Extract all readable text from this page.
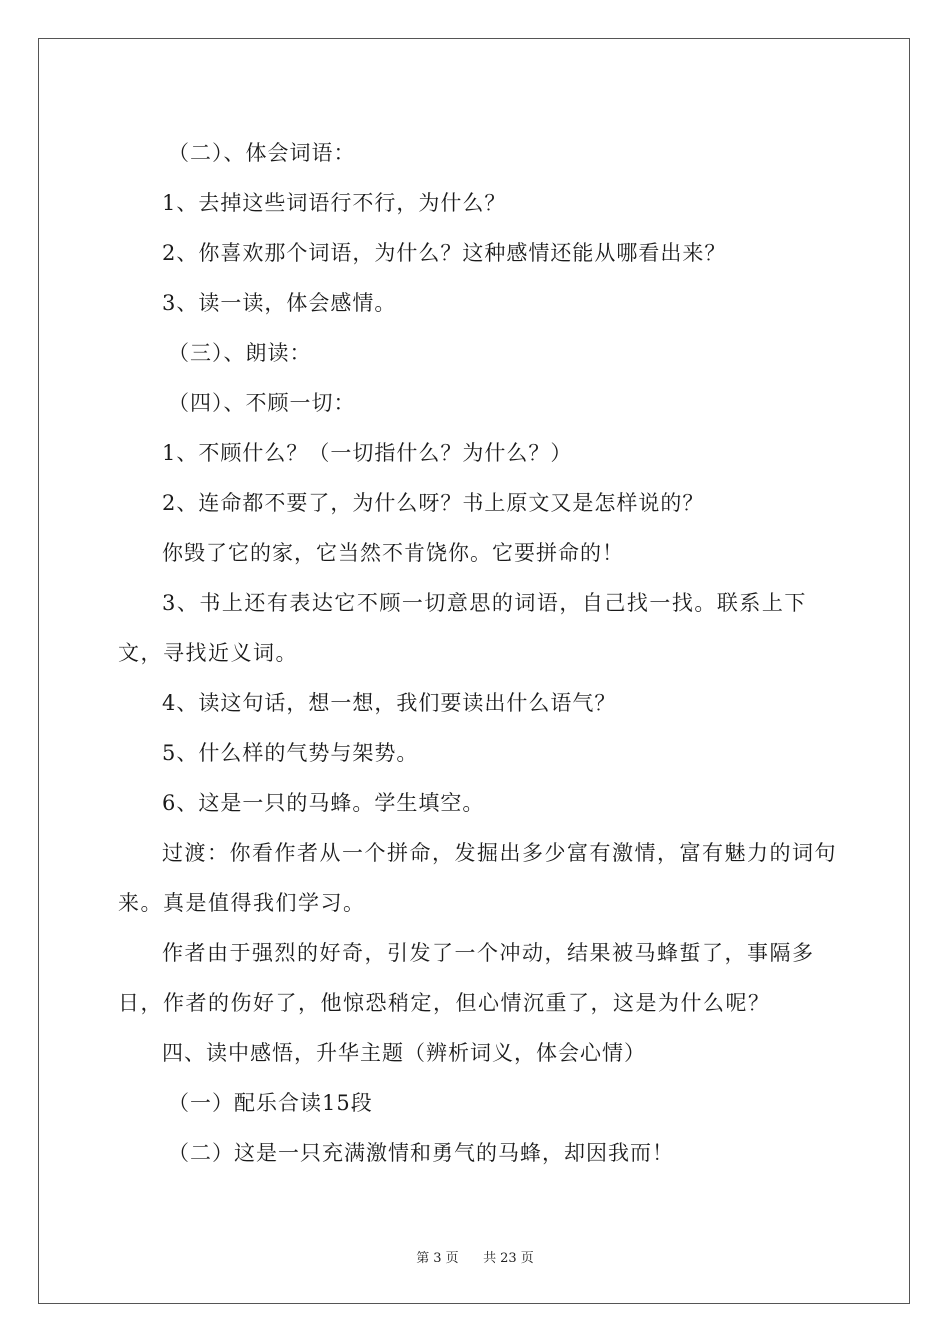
（二）、体会词语：
1、去掉这些词语行不行，为什么？
2、你喜欢那个词语，为什么？这种感情还能从哪看出来？
3、读一读，体会感情。
（三）、朗读：
（四）、不顾一切：
1、不顾什么？（一切指什么？为什么？）
2、连命都不要了，为什么呀？书上原文又是怎样说的？
你毁了它的家，它当然不肯饶你。它要拼命的！
3、书上还有表达它不顾一切意思的词语，自己找一找。联系上下文，寻找近义词。
4、读这句话，想一想，我们要读出什么语气？
5、什么样的气势与架势。
6、这是一只的马蜂。学生填空。
过渡：你看作者从一个拼命，发掘出多少富有激情，富有魅力的词句来。真是值得我们学习。
作者由于强烈的好奇，引发了一个冲动，结果被马蜂蜇了，事隔多日，作者的伤好了，他惊恐稍定，但心情沉重了，这是为什么呢？
四、读中感悟，升华主题（辨析词义，体会心情）
（一）配乐合读15段
（二）这是一只充满激情和勇气的马蜂，却因我而！
第 3 页 共 23 页
